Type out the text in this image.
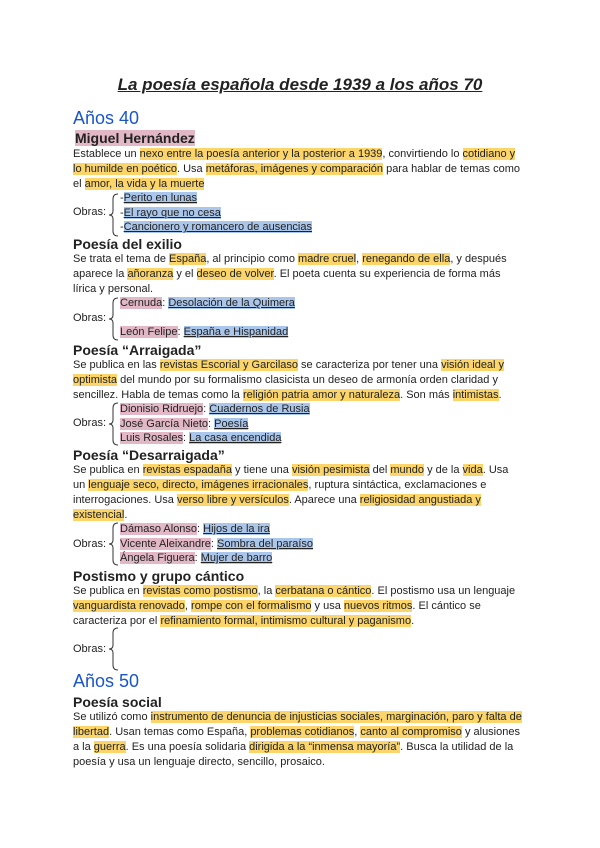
La poesía española desde 1939 a los años 70
Años 40
Miguel Hernández
Establece un nexo entre la poesía anterior y la posterior a 1939, convirtiendo lo cotidiano y lo humilde en poético. Usa metáforas, imágenes y comparación para hablar de temas como el amor, la vida y la muerte
Obras:
-Perito en lunas
-El rayo que no cesa
-Cancionero y romancero de ausencias
Poesía del exilio
Se trata el tema de España, al principio como madre cruel, renegando de ella, y después aparece la añoranza y el deseo de volver. El poeta cuenta su experiencia de forma más lírica y personal.
Obras:
Cernuda: Desolación de la Quimera
León Felipe: España e Hispanidad
Poesía “Arraigada”
Se publica en las revistas Escorial y Garcilaso se caracteriza por tener una visión ideal y optimista del mundo por su formalismo clasicista un deseo de armonía orden claridad y sencillez. Habla de temas como la religión patria amor y naturaleza. Son más intimistas.
Obras:
Dionisio Ridruejo: Cuadernos de Rusia
José García Nieto: Poesía
Luis Rosales: La casa encendida
Poesía “Desarraigada”
Se publica en revistas espadaña y tiene una visión pesimista del mundo y de la vida. Usa un lenguaje seco, directo, imágenes irracionales, ruptura sintáctica, exclamaciones e interrogaciones. Usa verso libre y versículos. Aparece una religiosidad angustiada y existencial.
Obras:
Dámaso Alonso: Hijos de la ira
Vicente Aleixandre: Sombra del paraíso
Ángela Figuera: Mujer de barro
Postismo y grupo cántico
Se publica en revistas como postismo, la cerbatana o cántico. El postismo usa un lenguaje vanguardista renovado, rompe con el formalismo y usa nuevos ritmos. El cántico se caracteriza por el refinamiento formal, intimismo cultural y paganismo.
Obras:
Años 50
Poesía social
Se utilizó como instrumento de denuncia de injusticias sociales, marginación, paro y falta de libertad. Usan temas como España, problemas cotidianos, canto al compromiso y alusiones a la guerra. Es una poesía solidaria dirigida a la “inmensa mayoría”. Busca la utilidad de la poesía y usa un lenguaje directo, sencillo, prosaico.
